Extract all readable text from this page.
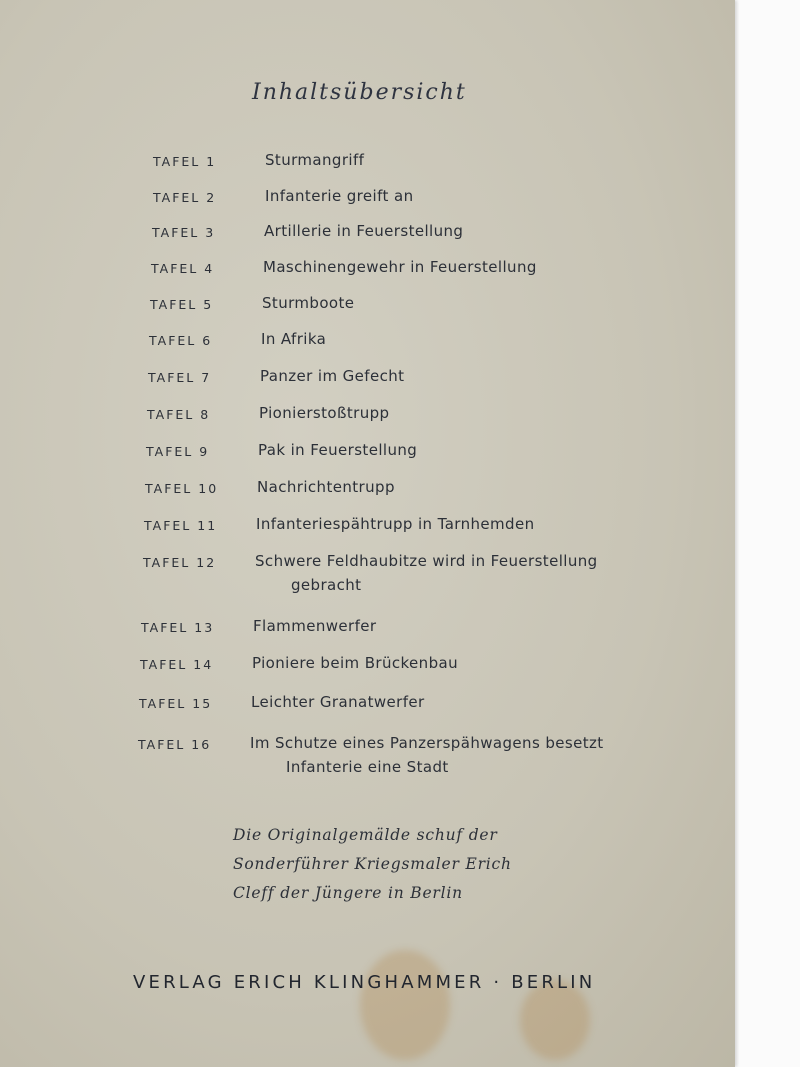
Inhaltsübersicht
TAFEL 1	Sturmangriff
TAFEL 2	Infanterie greift an
TAFEL 3	Artillerie in Feuerstellung
TAFEL 4	Maschinengewehr in Feuerstellung
TAFEL 5	Sturmboote
TAFEL 6	In Afrika
TAFEL 7	Panzer im Gefecht
TAFEL 8	Pionierstoßtrupp
TAFEL 9	Pak in Feuerstellung
TAFEL 10	Nachrichtentrupp
TAFEL 11	Infanteriespähtrupp in Tarnhemden
TAFEL 12	Schwere Feldhaubitze wird in Feuerstellung
gebracht
TAFEL 13	Flammenwerfer
TAFEL 14	Pioniere beim Brückenbau
TAFEL 15	Leichter Granatwerfer
TAFEL 16	Im Schutze eines Panzerspähwagens besetzt
Infanterie eine Stadt
Die Originalgemälde schuf der
Sonderführer Kriegsmaler Erich
Cleff der Jüngere in Berlin
VERLAG ERICH KLINGHAMMER · BERLIN
